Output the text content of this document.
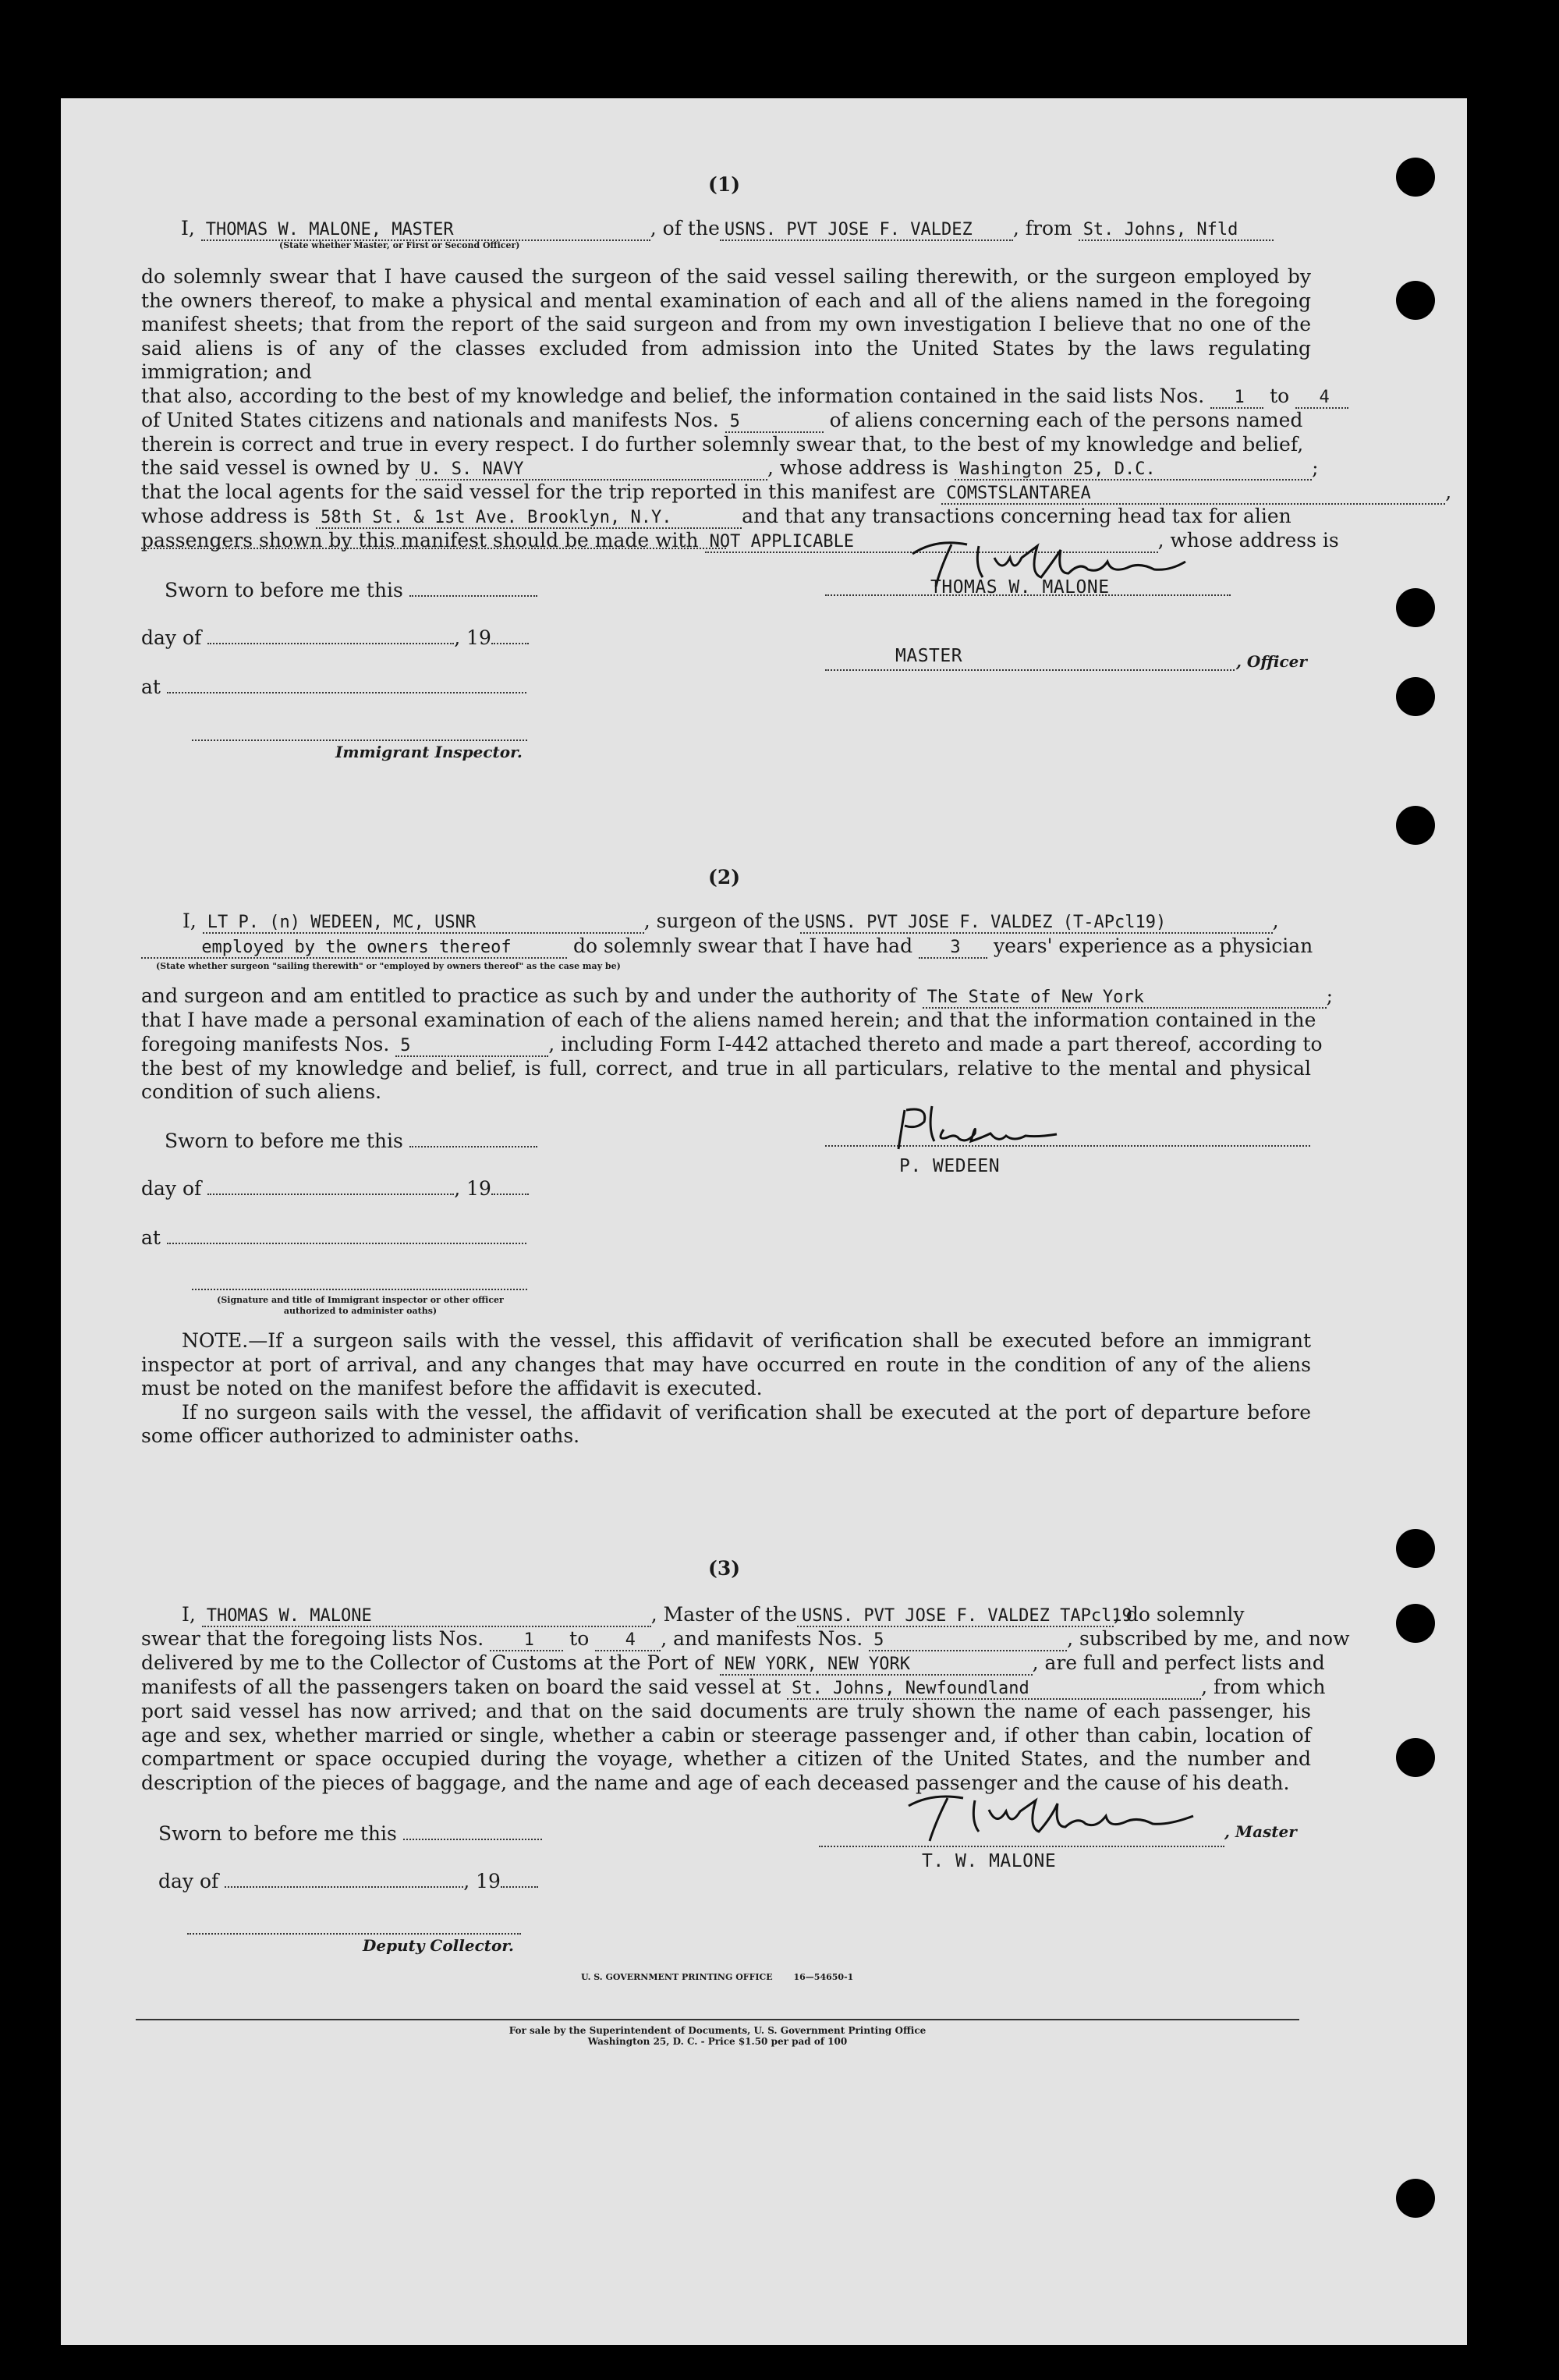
(1)
I, THOMAS W. MALONE, MASTER	, of the USNS. PVT JOSE F. VALDEZ , from St. Johns, Nfld
(State whether Master, or First or Second Officer)

do solemnly swear that I have caused the surgeon of the said vessel sailing therewith, or the surgeon employed by the owners thereof, to make a physical and mental examination of each and all of the aliens named in the foregoing manifest sheets; that from the report of the said surgeon and from my own investigation I believe that no one of the said aliens is of any of the classes excluded from admission into the United States by the laws regulating immigration; and

that also, according to the best of my knowledge and belief, the information contained in the said lists Nos. 1 to 4
of United States citizens and nationals and manifests Nos. 5	of aliens concerning each of the persons named
therein is correct and true in every respect. I do further solemnly swear that, to the best of my knowledge and belief,
the said vessel is owned by U. S. NAVY	, whose address is Washington 25, D.C.	;
that the local agents for the said vessel for the trip reported in this manifest are COMSTSLANTAREA	,
whose address is 58th St. & 1st Ave. Brooklyn, N.Y.	and that any transactions concerning head tax for alien
passengers shown by this manifest should be made with NOT APPLICABLE	, whose address is
Sworn to before me this
day of	, 19
at
Immigrant Inspector.
THOMAS W. MALONE
MASTER	, Officer
(2)
I, LT P. (n) WEDEEN, MC, USNR	, surgeon of the USNS. PVT JOSE F. VALDEZ (T-APcl19)	,
employed by the owners thereof	do solemnly swear that I have had 3 years' experience as a physician
(State whether surgeon "sailing therewith" or "employed by owners thereof" as the case may be)
and surgeon and am entitled to practice as such by and under the authority of The State of New York	;
that I have made a personal examination of each of the aliens named herein; and that the information contained in the
foregoing manifests Nos. 5	, including Form I-442 attached thereto and made a part thereof, according to

the best of my knowledge and belief, is full, correct, and true in all particulars, relative to the mental and physical condition of such aliens.

Sworn to before me this
day of	, 19
at
(Signature and title of Immigrant inspector or other officer authorized to administer oaths)
P. WEDEEN

NOTE.—If a surgeon sails with the vessel, this affidavit of verification shall be executed before an immigrant inspector at port of arrival, and any changes that may have occurred en route in the condition of any of the aliens must be noted on the manifest before the affidavit is executed.

If no surgeon sails with the vessel, the affidavit of verification shall be executed at the port of departure before some officer authorized to administer oaths.

(3)
I, THOMAS W. MALONE	, Master of the USNS. PVT JOSE F. VALDEZ TAPcl19, do solemnly
swear that the foregoing lists Nos. 1 to 4 , and manifests Nos. 5	, subscribed by me, and now
delivered by me to the Collector of Customs at the Port of NEW YORK, NEW YORK	, are full and perfect lists and
manifests of all the passengers taken on board the said vessel at St. Johns, Newfoundland	, from which

port said vessel has now arrived; and that on the said documents are truly shown the name of each passenger, his age and sex, whether married or single, whether a cabin or steerage passenger and, if other than cabin, location of compartment or space occupied during the voyage, whether a citizen of the United States, and the number and description of the pieces of baggage, and the name and age of each deceased passenger and the cause of his death.

Sworn to before me this
day of	, 19
Deputy Collector.
, Master
T. W. MALONE
U. S. GOVERNMENT PRINTING OFFICE       16—54650-1
For sale by the Superintendent of Documents, U. S. Government Printing Office
Washington 25, D. C. - Price $1.50 per pad of 100
